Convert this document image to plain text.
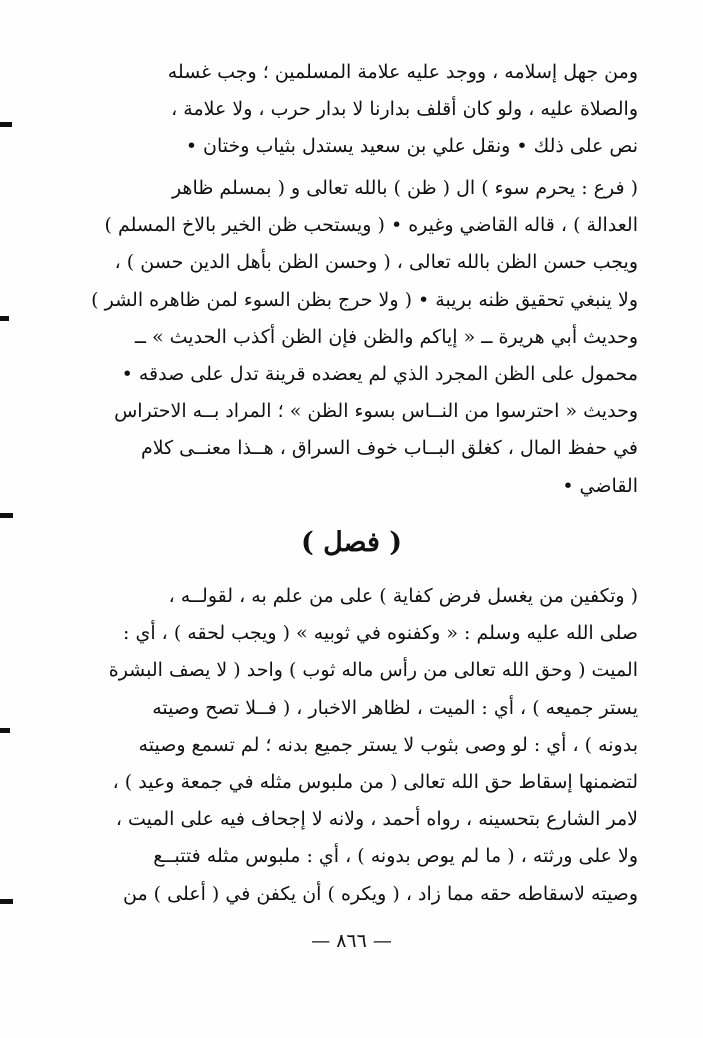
ومن جهل إسلامه ، ووجد عليه علامة المسلمين ؛ وجب غسله
والصلاة عليه ، ولو كان أقلف بدارنا لا بدار حرب ، ولا علامة ،
نص على ذلك • ونقل علي بن سعيد يستدل بثياب وختان •
( فرع : يحرم سوء ) ال ( ظن ) بالله تعالى و ( بمسلم ظاهر
العدالة ) ، قاله القاضي وغيره • ( ويستحب ظن الخير بالاخ المسلم )
ويجب حسن الظن بالله تعالى ، ( وحسن الظن بأهل الدين حسن ) ،
ولا ينبغي تحقيق ظنه بريبة • ( ولا حرج بظن السوء لمن ظاهره الشر )
وحديث أبي هريرة ــ « إياكم والظن فإن الظن أكذب الحديث » ــ
محمول على الظن المجرد الذي لم يعضده قرينة تدل على صدقه •
وحديث « احترسوا من النــاس بسوء الظن » ؛ المراد بــه الاحتراس
في حفظ المال ، كغلق البــاب خوف السراق ، هــذا معنــى كلام
القاضي •
( فصل )
( وتكفين من يغسل فرض كفاية ) على من علم به ، لقولــه ،
صلى الله عليه وسلم : « وكفنوه في ثوبيه » ( ويجب لحقه ) ، أي :
الميت ( وحق الله تعالى من رأس ماله ثوب ) واحد ( لا يصف البشرة
يستر جميعه ) ، أي : الميت ، لظاهر الاخبار ، ( فــلا تصح وصيته
بدونه ) ، أي : لو وصى بثوب لا يستر جميع بدنه ؛ لم تسمع وصيته
لتضمنها إسقاط حق الله تعالى ( من ملبوس مثله في جمعة وعيد ) ،
لامر الشارع بتحسينه ، رواه أحمد ، ولانه لا إجحاف فيه على الميت ،
ولا على ورثته ، ( ما لم يوص بدونه ) ، أي : ملبوس مثله فتتبــع
وصيته لاسقاطه حقه مما زاد ، ( ويكره ) أن يكفن في ( أعلى ) من
— ٨٦٦ —
